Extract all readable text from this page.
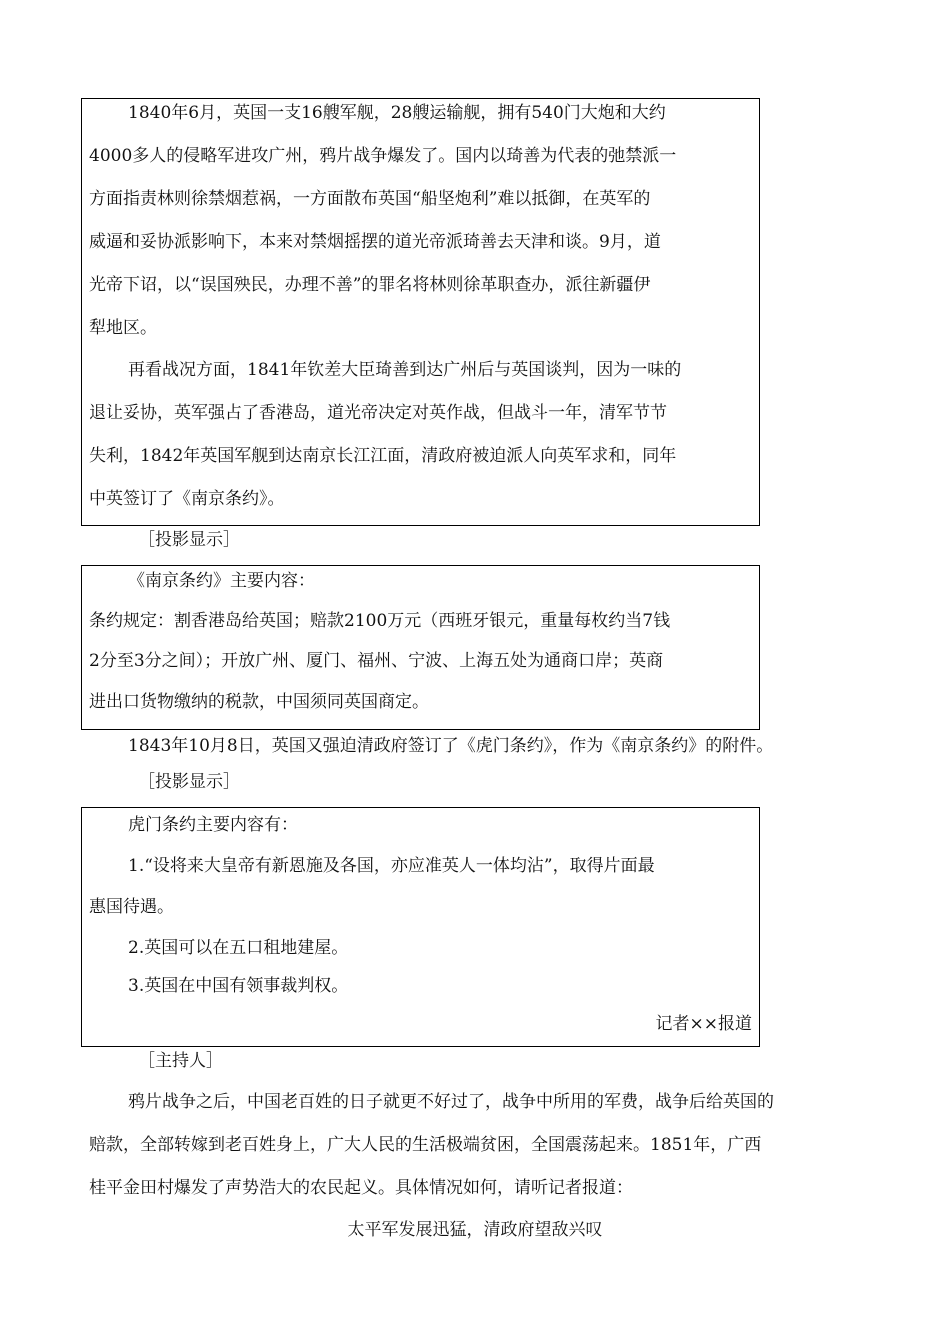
1840年6月，英国一支16艘军舰，28艘运输舰，拥有540门大炮和大约
4000多人的侵略军进攻广州，鸦片战争爆发了。国内以琦善为代表的弛禁派一
方面指责林则徐禁烟惹祸，一方面散布英国“船坚炮利”难以抵御，在英军的
威逼和妥协派影响下，本来对禁烟摇摆的道光帝派琦善去天津和谈。9月，道
光帝下诏，以“误国殃民，办理不善”的罪名将林则徐革职查办，派往新疆伊
犁地区。
再看战况方面，1841年钦差大臣琦善到达广州后与英国谈判，因为一味的
退让妥协，英军强占了香港岛，道光帝决定对英作战，但战斗一年，清军节节
失利，1842年英国军舰到达南京长江江面，清政府被迫派人向英军求和，同年
中英签订了《南京条约》。
［投影显示］
《南京条约》主要内容：
条约规定：割香港岛给英国；赔款2100万元（西班牙银元，重量每枚约当7钱
2分至3分之间）；开放广州、厦门、福州、宁波、上海五处为通商口岸；英商
进出口货物缴纳的税款，中国须同英国商定。
1843年10月8日，英国又强迫清政府签订了《虎门条约》，作为《南京条约》的附件。
［投影显示］
虎门条约主要内容有：
1.“设将来大皇帝有新恩施及各国，亦应准英人一体均沾”，取得片面最
惠国待遇。
2.英国可以在五口租地建屋。
3.英国在中国有领事裁判权。
记者××报道
［主持人］
鸦片战争之后，中国老百姓的日子就更不好过了，战争中所用的军费，战争后给英国的
赔款，全部转嫁到老百姓身上，广大人民的生活极端贫困，全国震荡起来。1851年，广西
桂平金田村爆发了声势浩大的农民起义。具体情况如何，请听记者报道：
太平军发展迅猛，清政府望敌兴叹
